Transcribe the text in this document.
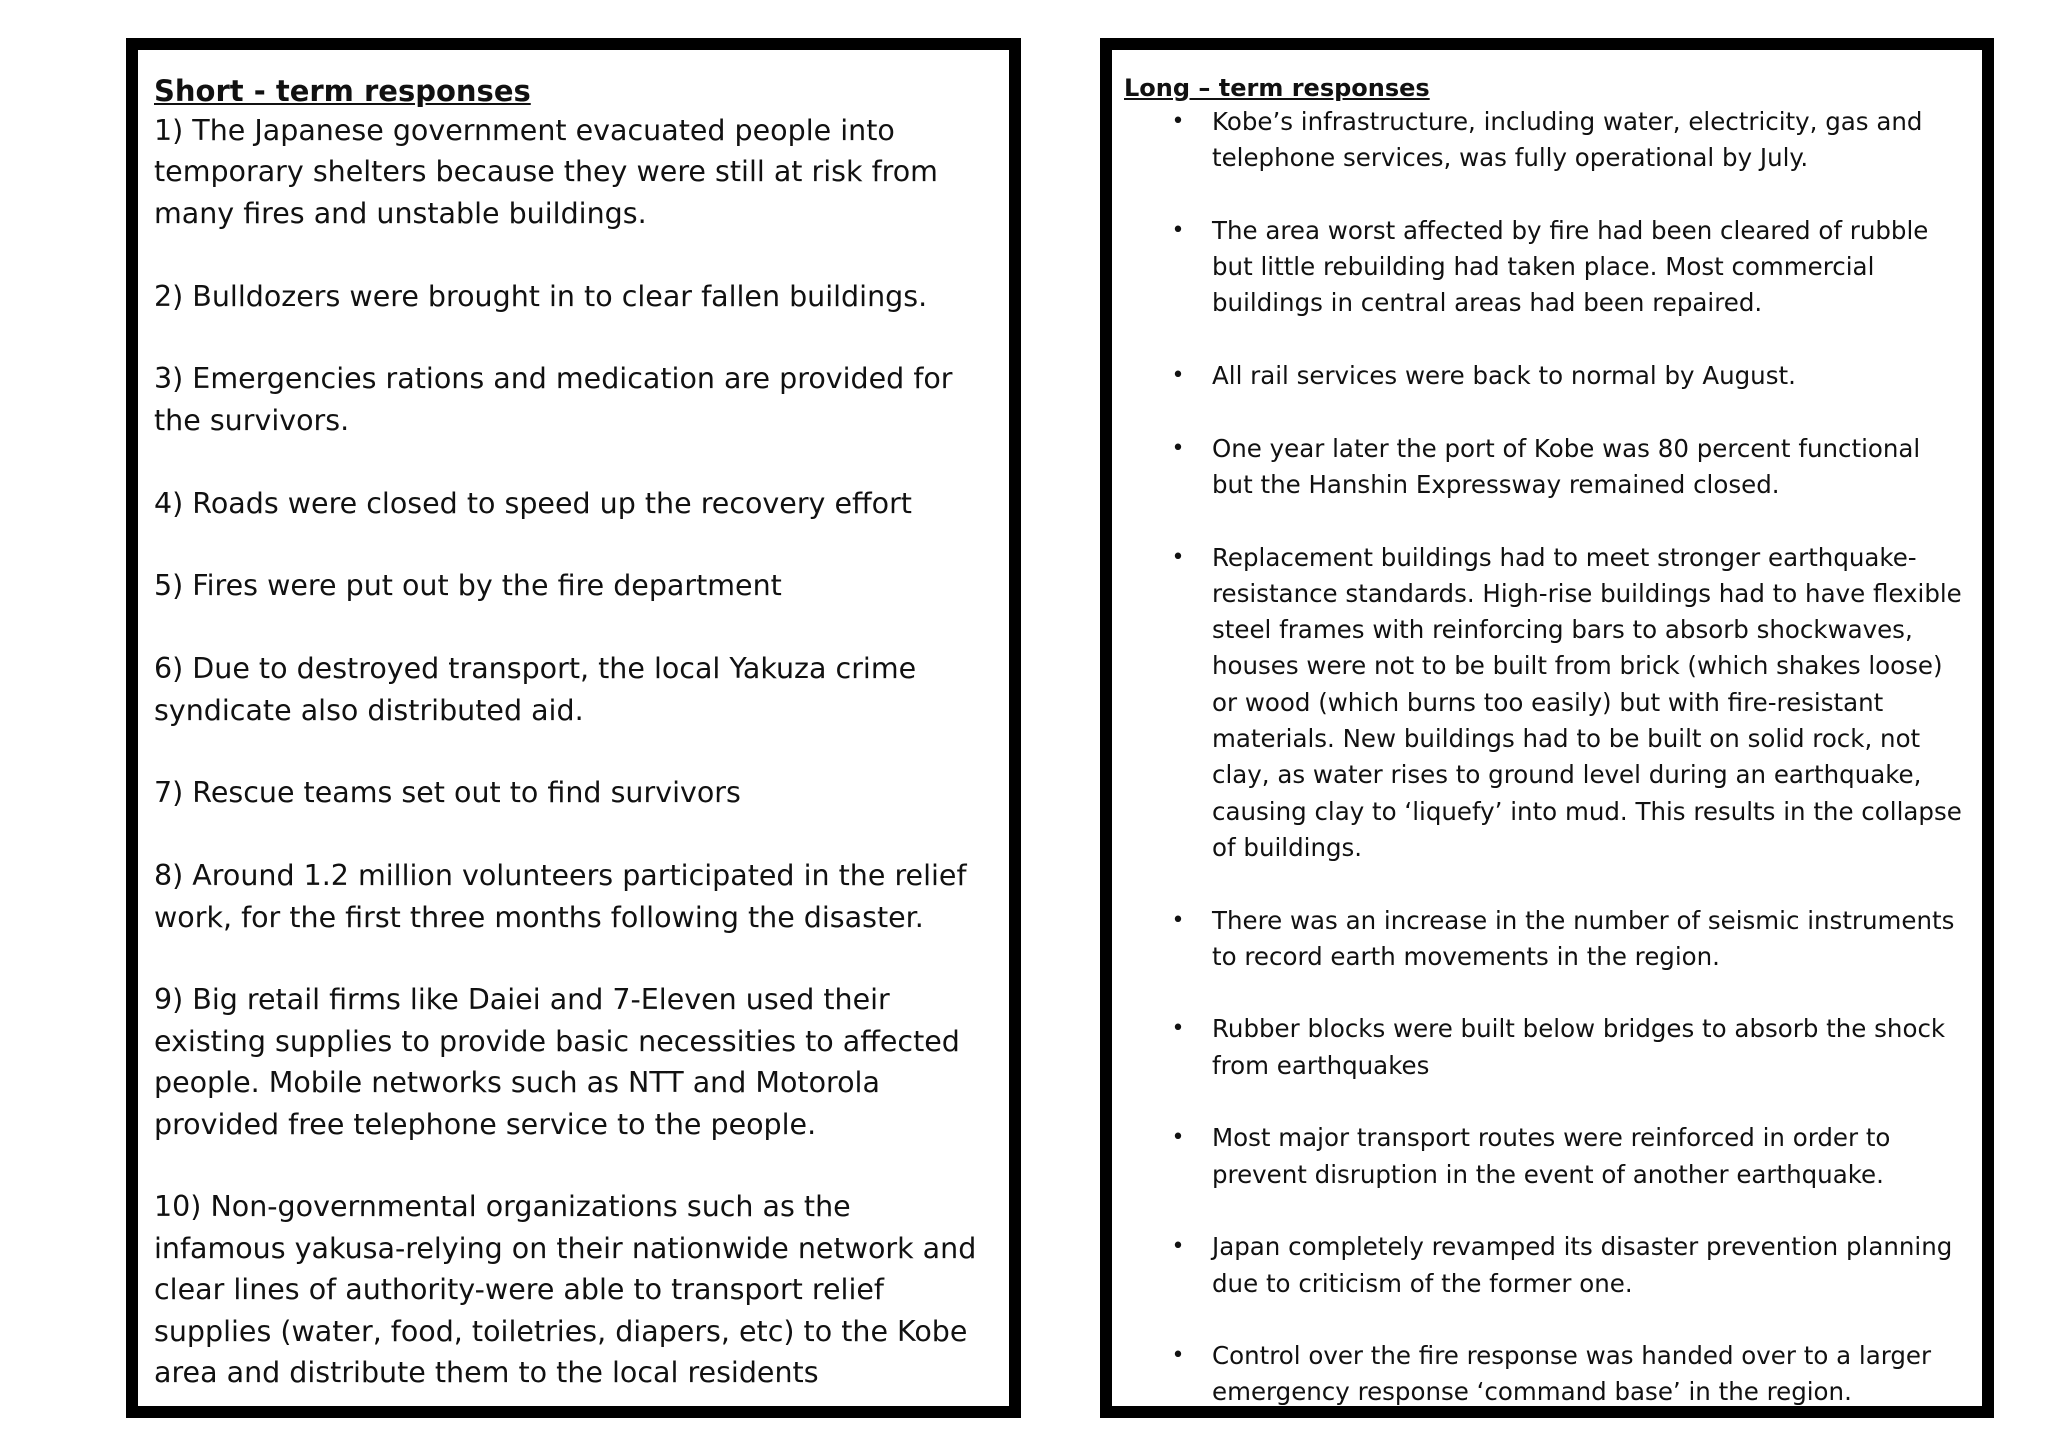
Short - term responses

1) The Japanese government evacuated people into temporary shelters because they were still at risk from many fires and unstable buildings.

2) Bulldozers were brought in to clear fallen buildings.

3) Emergencies rations and medication are provided for the survivors.

4) Roads were closed to speed up the recovery effort

5) Fires were put out by the fire department

6) Due to destroyed transport, the local Yakuza crime syndicate also distributed aid.

7) Rescue teams set out to find survivors

8) Around 1.2 million volunteers participated in the relief work, for the first three months following the disaster.

9) Big retail firms like Daiei and 7-Eleven used their existing supplies to provide basic necessities to affected people. Mobile networks such as NTT and Motorola provided free telephone service to the people.

10) Non-governmental organizations such as the infamous yakusa-relying on their nationwide network and clear lines of authority-were able to transport relief supplies (water, food, toiletries, diapers, etc) to the Kobe area and distribute them to the local residents

Long – term responses

• Kobe’s infrastructure, including water, electricity, gas and telephone services, was fully operational by July.
• The area worst affected by fire had been cleared of rubble but little rebuilding had taken place. Most commercial buildings in central areas had been repaired.
• All rail services were back to normal by August.
• One year later the port of Kobe was 80 percent functional but the Hanshin Expressway remained closed.
• Replacement buildings had to meet stronger earthquake-resistance standards. High-rise buildings had to have flexible steel frames with reinforcing bars to absorb shockwaves, houses were not to be built from brick (which shakes loose) or wood (which burns too easily) but with fire-resistant materials. New buildings had to be built on solid rock, not clay, as water rises to ground level during an earthquake, causing clay to ‘liquefy’ into mud. This results in the collapse of buildings.
• There was an increase in the number of seismic instruments to record earth movements in the region.
• Rubber blocks were built below bridges to absorb the shock from earthquakes
• Most major transport routes were reinforced in order to prevent disruption in the event of another earthquake.
• Japan completely revamped its disaster prevention planning due to criticism of the former one.
• Control over the fire response was handed over to a larger emergency response ‘command base’ in the region.
